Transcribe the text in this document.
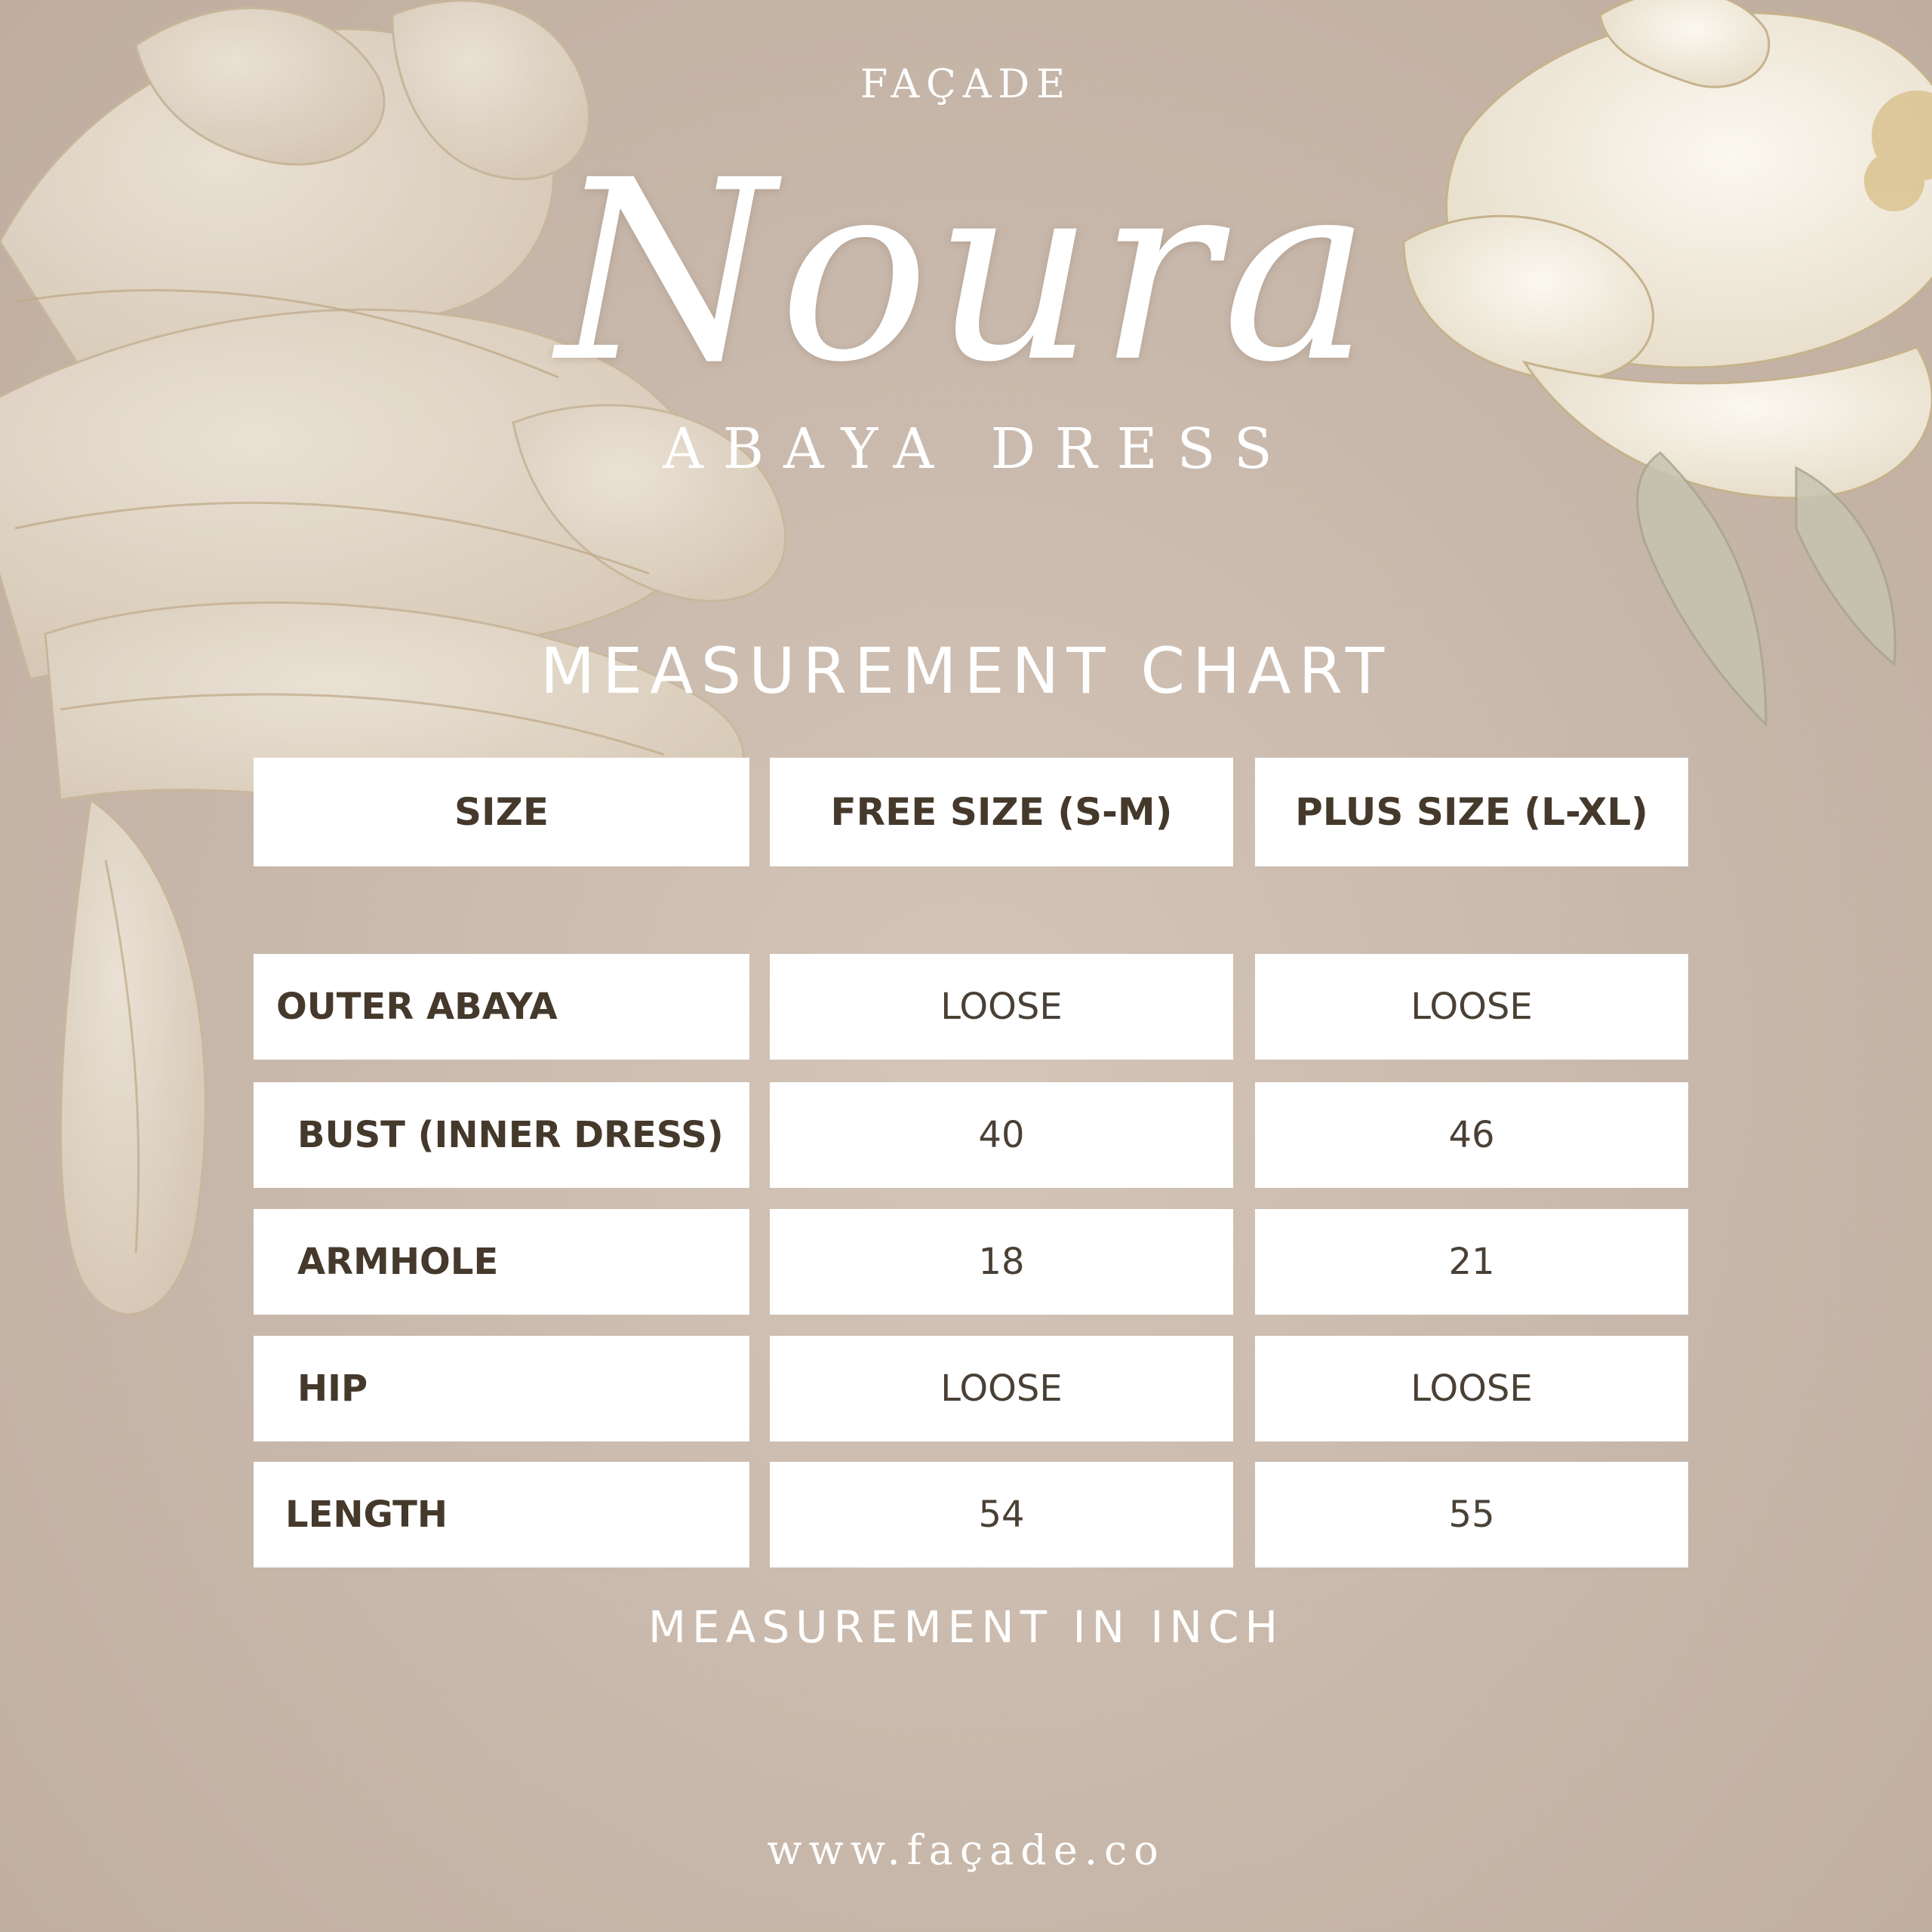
FAÇADE
Noura
ABAYA DRESS
MEASUREMENT CHART
SIZE	FREE SIZE (S-M)	PLUS SIZE (L-XL)
OUTER ABAYA	LOOSE	LOOSE
BUST (INNER DRESS)	40	46
ARMHOLE	18	21
HIP	LOOSE	LOOSE
LENGTH	54	55
MEASUREMENT IN INCH
www.façade.co
